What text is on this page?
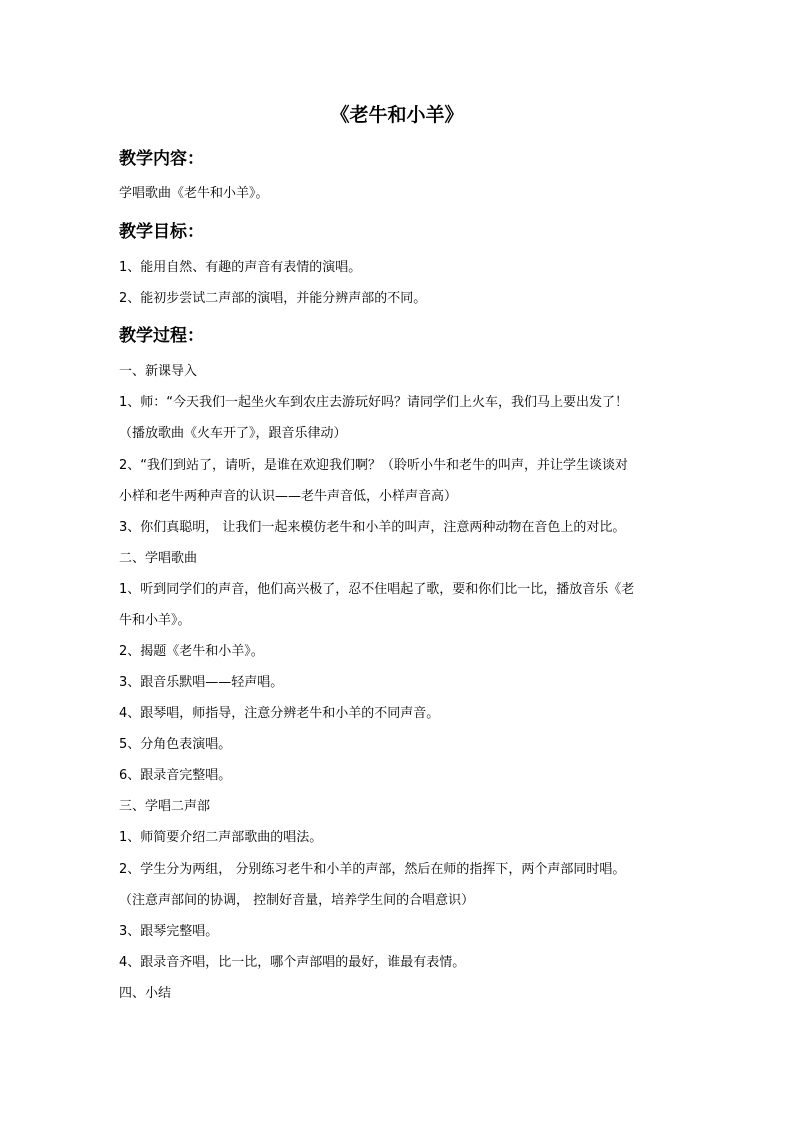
《老牛和小羊》
教学内容：
学唱歌曲《老牛和小羊》。
教学目标：
1、能用自然、有趣的声音有表情的演唱。
2、能初步尝试二声部的演唱，并能分辨声部的不同。
教学过程：
一、新课导入
1、师：“今天我们一起坐火车到农庄去游玩好吗？请同学们上火车，我们马上要出发了！
（播放歌曲《火车开了》，跟音乐律动）
2、“我们到站了，请听，是谁在欢迎我们啊？（聆听小牛和老牛的叫声，并让学生谈谈对
小样和老牛两种声音的认识——老牛声音低，小样声音高）
3、你们真聪明， 让我们一起来模仿老牛和小羊的叫声，注意两种动物在音色上的对比。
二、学唱歌曲
1、听到同学们的声音，他们高兴极了，忍不住唱起了歌，要和你们比一比，播放音乐《老
牛和小羊》。
2、揭题《老牛和小羊》。
3、跟音乐默唱——轻声唱。
4、跟琴唱，师指导，注意分辨老牛和小羊的不同声音。
5、分角色表演唱。
6、跟录音完整唱。
三、学唱二声部
1、师简要介绍二声部歌曲的唱法。
2、学生分为两组， 分别练习老牛和小羊的声部，然后在师的指挥下，两个声部同时唱。
（注意声部间的协调， 控制好音量，培养学生间的合唱意识）
3、跟琴完整唱。
4、跟录音齐唱，比一比，哪个声部唱的最好，谁最有表情。
四、小结
